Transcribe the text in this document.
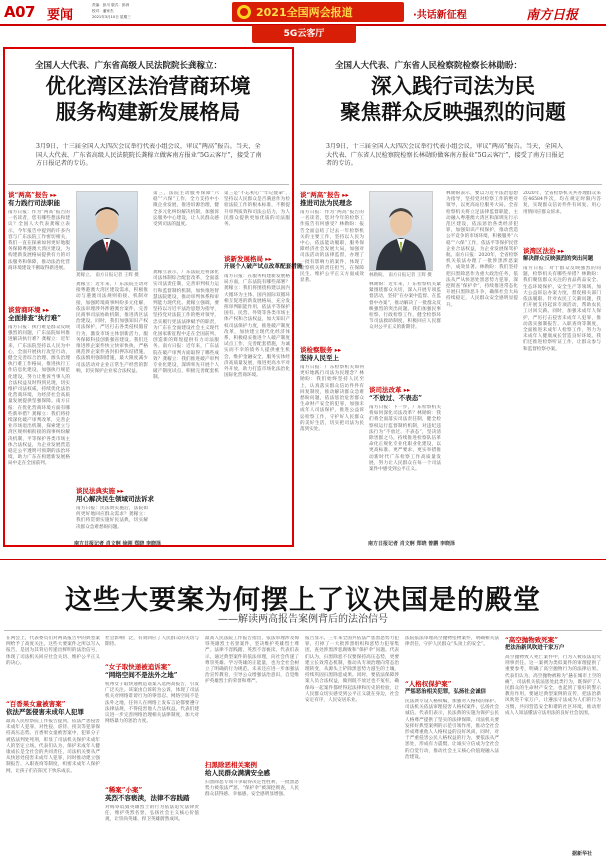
A07 要闻
责编：彭川 版式：彭湃
校对：潘家杰
2021年3月10日 星期三	2021全国两会报道	·共话新征程	南方日报
5G云客厅
全国人大代表、广东省高级人民法院院长龚稼立：
优化湾区法治营商环境
服务构建新发展格局
3月9日，十三届全国人大四次会议举行代表小组会议，审议“两高”报告。当天，全国人大代表、广东省高级人民法院院长龚稼立做客南方报业“5G云客厅”，接受了南方日报记者的专访。
谈“两高”报告 ▸▸
有力践行司法职能
南方日报：作为“两高”报告的一名读者，您有哪些想法和建议？全国人大代表龚稼立表示，今年报告中提到的许多内容与广东法院工作密切相关，我们一直在探索如何更好地服务保障粤港澳大湾区建设，为构建新发展格局提供有力的司法服务和保障，推动法治化营商环境建设不断取得新进展。
谈营商环境 ▸▸
全面排查“执行难”
南方日报：执行难是群众反映强烈的问题，广东法院如何推进解决执行难？龚稼立：近年来，广东法院坚持以人民为中心，全面开展执行攻坚行动，健全完善综合治理、源头治理执行难工作格局，推进执行工作信息化建设，加强执行规范化建设，努力让胜诉当事人的合法权益及时得到兑现，切实维护司法权威，持续优化法治化营商环境，为经济社会高质量发展提供坚强保障。南方日报：在优化营商环境方面有哪些新举措？龚稼立：我们将持续深化破产审判改革，完善企业市场退出机制，探索建立与湾区规则相衔接的商事纠纷解决机制，平等保护各类市场主体合法权益，为企业发展营造稳定公平透明可预期的法治环境，助力广东在构建新发展格局中走在全国前列。
龚稼立。 南方日报记者 王辉 摄
龚稼立：近年来，广东法院主动对接粤港澳大湾区建设需求，积极推动与港澳司法规则衔接、机制对接，加强跨境商事纠纷多元化解，依法审理涉外涉港澳台案件，完善民商事司法协助机制，推进湾区法治建设。同时，我们加强知识产权司法保护，严厉打击各类侵权假冒行为，激发市场主体创新活力，服务保障科技创新强省建设。我们还推进涉企案件快立快审快执，严格规范涉企案件查封扣押冻结措施，依法慎用强制措施，最大限度减少司法活动对企业正常生产经营的影响，切实保护企业家合法权益。
谈民法典实施 ▸▸
用心解决民生领域司法诉求
南方日报：民法典实施后，法院如何更好地回应群众需求？龚稼立：我们将贯彻实施好民法典，切实解决群众急难愁盼问题。
第三，法院主动服务保障“六稳”“六保”工作，全力支持中小微企业发展，推进诉源治理，健全多元化纠纷解决机制，加强诉讼服务中心建设，让人民群众感受到司法的温度。
龚稼立表示，广东法院还将深化司法体制综合配套改革，全面落实司法责任制，完善审判权力运行和监督制约机制，加快推进智慧法院建设，推动审判体系和审判能力现代化。龚稼立强调，要坚持以习近平法治思想为指导，坚持党对法院工作的绝对领导，忠实履行宪法法律赋予的职责，为广东在全面建设社会主义现代化国家新征程中走在全国前列、创造新的辉煌提供有力司法服务。南方日报：近年来，广东法院在破产审判方面取得了哪些成效？龚稼立：我们推进破产审判专业化建设，深圳率先开展个人破产制度试点，积极完善配套机制。
第三是“不忘初心”“牢记使命”，坚持以人民群众是否满意作为检验法院工作的根本标准，不断提升审判质效和司法公信力，为人民群众提供更加优质的司法服务。
谈新发展格局 ▸▸
开展个人破产试点改革配套措施
南方日报：在服务构建新发展格局方面，广东法院有哪些部署？龚稼立：我们将围绕构建以国内大循环为主体、国内国际双循环相互促进的新发展格局，充分发挥审判职能作用，依法平等保护国有、民营、外资等各类市场主体产权和合法权益，加大知识产权司法保护力度，推进破产制度改革，加快建立现代化经济体系，积极稳妥推进个人破产制度试点工作，完善配套措施，为诚实而不幸的债务人提供重生机会，维护金融安全，服务实体经济高质量发展，推进更高水平对外开放，助力打造市场化法治化国际化营商环境。
南方日报记者 肖文舸 徐刚 郑晓 李晓泽
全国人大代表、广东省人民检察院检察长林勋盼：
深入践行司法为民
聚焦群众反映强烈的问题
3月9日，十三届全国人大四次会议举行代表小组会议，审议“两高”报告。当天，全国人大代表、广东省人民检察院检察长林勋盼做客南方报业“5G云客厅”，接受了南方日报记者的专访。
谈“两高”报告 ▸▸
推进司法为民理念
南方日报：作为“两高”报告的一名读者，您对今年的检察工作报告有何感受？林勋盼：报告全面总结了过去一年检察机关的主要工作，坚持以人民为中心，依法能动履职，服务保障经济社会发展大局，加强对司法活动的法律监督，办理了一批有影响力的案件，体现了检察机关的责任担当，在保障民生、维护公平正义方面成效显著。
谈检察服务 ▸▸
坚持人民至上
南方日报：广东检察机关如何更好地践行司法为民理念？林勋盼：我们始终坚持人民至上，认真落实群众信访件件有回复制度，推动解决群众急难愁盼问题，依法惩治危害群众生命财产安全的犯罪，加强未成年人司法保护，推进公益诉讼检察工作，守护好人民群众的美好生活，切实把司法为民落到实处。
林勋盼。 南方日报记者 王辉 摄
林勋盼：近年来，广东检察机关紧紧围绕群众关切，深入开展专项监督活动，坚持“在办案中监督、在监督中办案”，推动解决了一批群众反映强烈的突出问题。我们加强民事检察、行政检察工作，健全检察环节司法救助制度，积极回应人民群众对公平正义的新期待。
谈司法改革 ▸▸
“不放过、不表态”
南方日报：下一步，广东检察机关将如何深化司法改革？林勋盼：我们将全面落实司法责任制，健全检察权运行监督制约机制，对违纪违法行为“不放过、不表态”，坚决清除害群之马，持续推进检察队伍革命化正规化专业化职业化建设，以更高标准、更严要求、更实举措推动新时代广东检察工作高质量发展，努力让人民群众在每一个司法案件中感受到公平正义。
林勋盼表示，要以习近平法治思想为指导，坚持党对检察工作的绝对领导，以更高站位服务大局。全省检察机关将立足法律监督职能，主动融入粤港澳大湾区和深圳先行示范区建设，依法惩治各类经济犯罪，加强知识产权保护，推动营造公平竞争的市场环境，积极服务“六稳”“六保”工作，依法平等保护民营企业合法权益，为企业发展保驾护航。南方日报：2020年，全省检察机关依法办理了一批涉黑涉恶案件，成效显著。林勋盼：我们坚持把扫黑除恶作为重大政治任务，依法从严从快惩处黑恶势力犯罪，深挖彻查“保护伞”，持续推进常态化开展扫黑除恶斗争，确保社会大局持续稳定，人民群众安全感明显提升。
2020年，全省检察机关共办理群众来信46584件次，均在规定时限内答复，实现群众信访件件有回复，用心用情回应群众诉求。
谈湾区法治 ▸▸
解决群众反映强烈的突出问题
南方日报：对于群众反映强烈的问题，检察机关有哪些举措？林勋盼：我们聚焦群众关注的食品药品安全、生态环境保护、安全生产等领域，加大公益诉讼办案力度，督促相关部门依法履职。针对农民工欠薪问题，我们开展支持起诉专项活动，帮助农民工讨回欠薪。同时，加强未成年人保护，严厉打击侵害未成年人犯罪，推动落实强制报告、入职查询等制度，全面推进未成年人检察工作，努力为未成年人健康成长营造良好环境。我们还推进检察听证工作，让群众参与和监督检察办案。
南方日报记者 肖文舸 郑晓 曾鹏 李晓泽
这些大要案为何摆上了议决国是的殿堂
——解读两高报告案例背后的法治信号
在两会上，代表委员们对两高报告中的典型案例给予了高度关注。这些大要案件之所以写入报告，是因为其背后传递出鲜明的法治信号，体现了司法机关回应社会关切、维护公平正义的决心。
“百香果女童被害案”
依法严惩侵害未成年人犯罪
最高人民检察院工作报告提到，依法严惩侵害未成年人犯罪，对性侵、虐待、拐卖等犯罪保持高压态势。百香果女童被害案中，犯罪分子被依法判处死刑，彰显了司法机关保护未成年人的坚定立场。代表们认为，保护未成年人健康成长是全社会的共同责任，司法机关要从严从快惩处侵害未成年人犯罪，同时推动建立强制报告、入职查询等制度，织密未成年人保护网，让孩子们在阳光下快乐成长。
社会影响广泛，有效回应了人民群众的关切与期待。
“女子取快递被追诉案”
“网络空间不是法外之地”
杭州女子取快递被造谣案入选两高报告，引发广泛关注。该案由自诉转为公诉，体现了司法机关对网络诽谤行为的零容忍。网络空间不是法外之地，任何人在网络上发布言论都要遵守法律法规，不得侵害他人合法权益。代表们建议进一步完善网络治理相关法律制度，加大对网络暴力的惩治力度。
“稀案”小案”
英烈不容亵渎，法律不容践踏
对侮辱诋毁英雄烈士的行为依法追究法律责任，维护英烈名誉，弘扬社会主义核心价值观，让崇尚英雄、捍卫英雄蔚然成风。
最高人民法院工作报告指出，依法审理涉及侮辱英雄烈士名誉案件，坚决维护英雄烈士尊严。法律不容践踏，英烈不容亵渎。代表们表示，通过典型案件的依法审理，向社会传递了尊崇英雄、学习英雄的正能量，也为全社会树立了明确的行为规范。未来还应进一步加强法治宣传教育，引导公众增强法治意识，自觉维护英雄烈士的荣誉和尊严。
扫黑除恶相关案例
给人民群众满满安全感
扫黑除恶专项斗争取得决定性胜利，一批黑恶势力被依法严惩，“保护伞”被深挖彻查，人民群众获得感、幸福感、安全感明显增强。
报告显示，三年来全国共依法严惩黑恶势力犯罪，打掉了一大批涉黑组织和恶势力犯罪集团，查处涉黑涉恶腐败和“保护伞”问题。代表们认为，扫黑除恶不仅要保持高压态势，更要建立长效常态机制，推动从专项治理向常态治理转变，从源头上铲除黑恶势力滋生的土壤，持续巩固扫黑除恶成果。同时，要依法保障涉案人员合法权益，做到既不放过也不冤枉，确保每一起案件都经得起法律和历史的检验，让人民群众切实感受到公平正义就在身边，社会安定有序，人民安居乐业。
法院依法审理高空抛物坠物案件，明确相关法律责任，守护人民群众“头顶上的安全”。
“人格权保护案”
严惩恶治相关犯罪，弘扬社会诚信
民法典专设人格权编，加强对人格权的保护。司法机关依法审理侵害人格权案件，弘扬社会诚信。代表们表示，民法典的实施为保护公民人格尊严提供了坚实的法律保障，司法机关要发挥好典型案例的示范引领作用，推动全社会形成尊重他人人格权益的良好风尚。同时，对于严重侵害公民人格权益的行为，要依法从严惩处，形成有力震慑，让诚实守信成为全社会的自觉行动，推动社会主义核心价值观融入法治建设。
“高空抛物致死案”
把法治新风吹进千家万户
高空抛物致人死亡案件中，行为人被依法追究刑事责任。这一案例为类似案件的审理提供了重要参考，明确了高空抛物行为的法律后果。代表们认为，高空抛物被称为“悬在城市上空的痛”，司法机关依法惩处此类行为，既保护了人民群众的生命财产安全，也起到了很好的警示教育作用。要通过典型案例的宣传，把法治新风吹进千家万户，让遵法守法成为人们的行为习惯，共同营造安全和谐的社区环境，推动形成人人知法懂法守法用法的良好社会氛围。
据新华社
